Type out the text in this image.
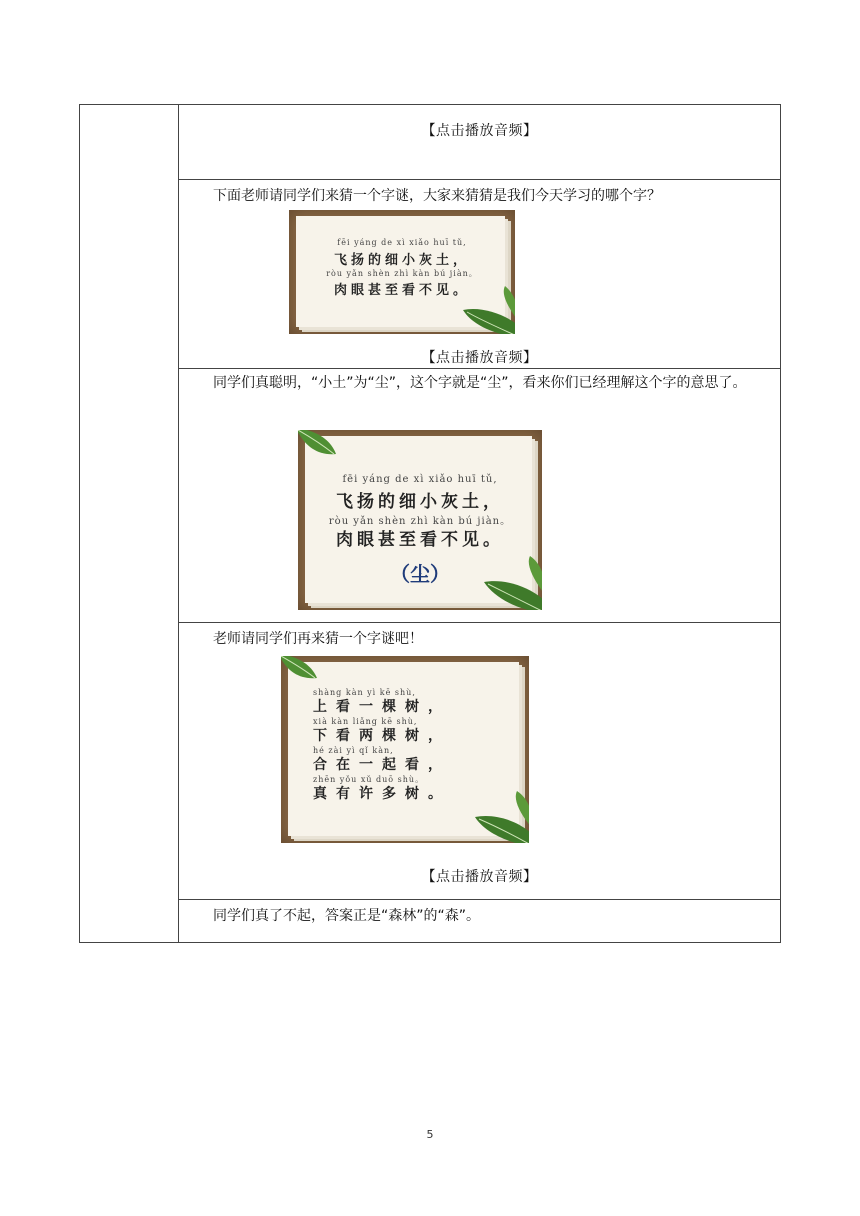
【点击播放音频】
下面老师请同学们来猜一个字谜，大家来猜猜是我们今天学习的哪个字？
fēi yáng de xì xiǎo huī tǔ,
飞扬的细小灰土，
ròu yǎn shèn zhì kàn bú jiàn。
肉眼甚至看不见。
【点击播放音频】
同学们真聪明，“小土”为“尘”，这个字就是“尘”，看来你们已经理解这个字的意思了。
fēi yáng de xì xiǎo huī tǔ,
飞扬的细小灰土，
ròu yǎn shèn zhì kàn bú jiàn。
肉眼甚至看不见。
（尘）
老师请同学们再来猜一个字谜吧！
shàng kàn yì kē shù,
上看一棵树，
xià kàn liǎng kē shù,
下看两棵树，
hé zài yì qǐ kàn,
合在一起看，
zhēn yǒu xǔ duō shù。
真有许多树。
【点击播放音频】
同学们真了不起，答案正是“森林”的“森”。
5
